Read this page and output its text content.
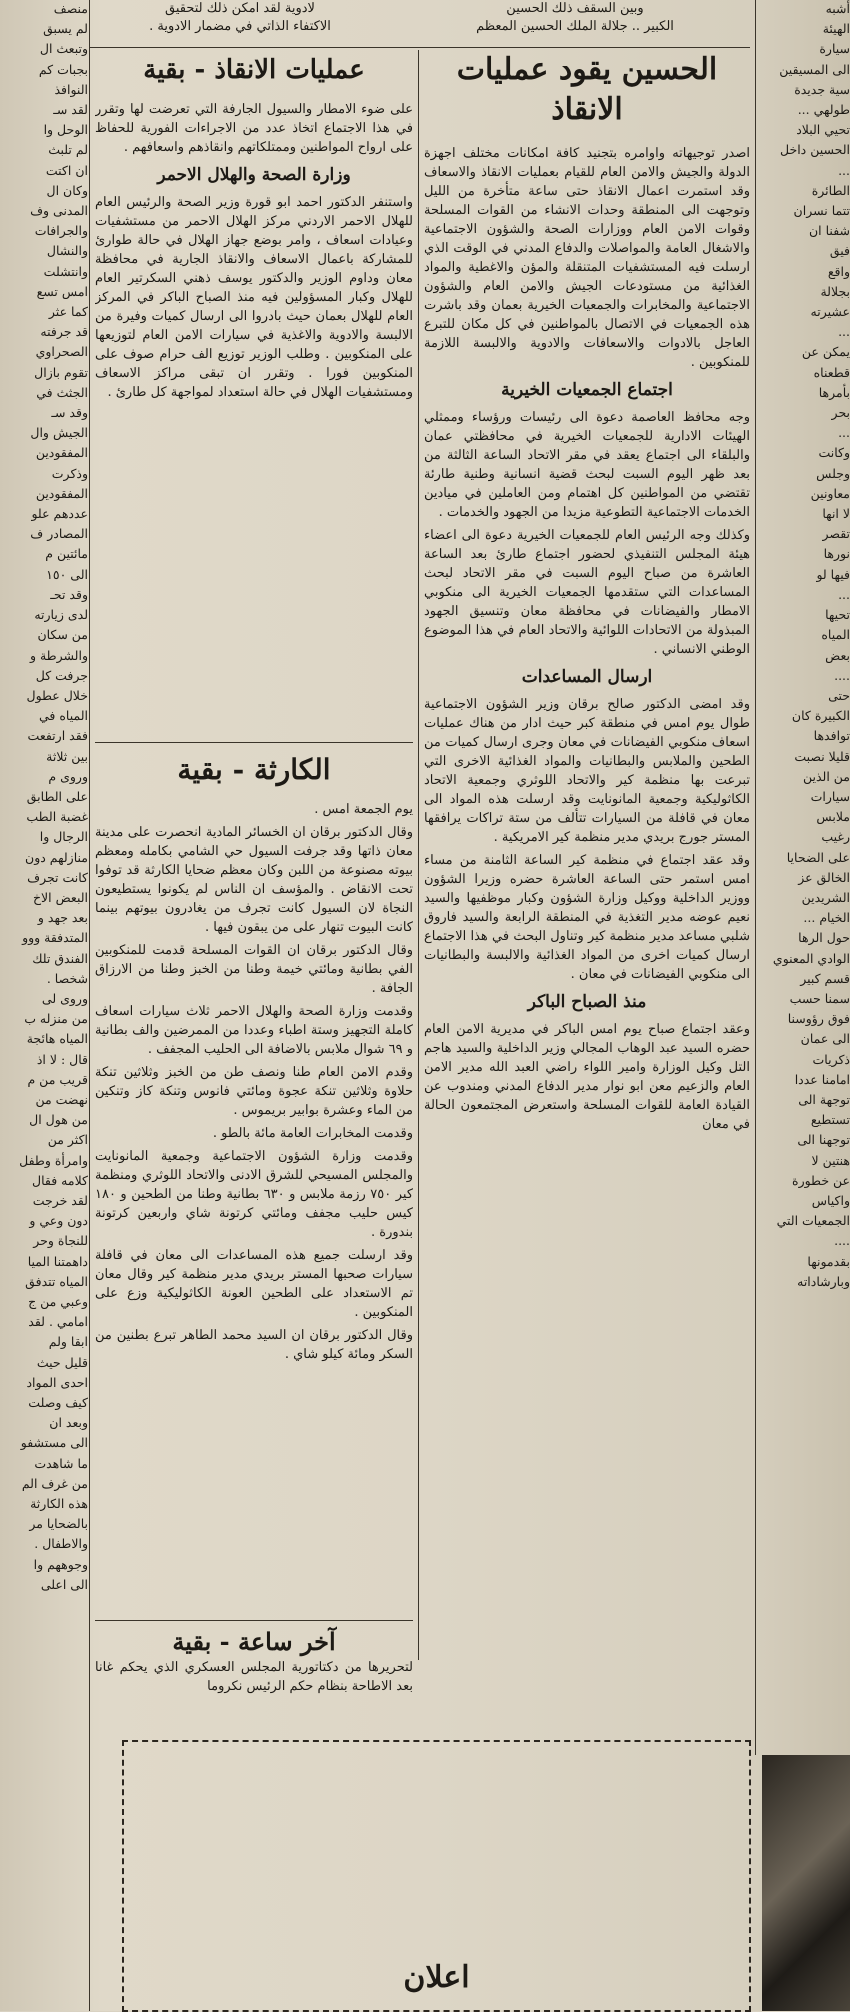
لادوية لقد امكن ذلك لتحقيق
الاكتفاء الذاتي في مضمار الادوية .
وبين السقف ذلك الحسين
الكبير .. جلالة الملك الحسين المعظم

أشبه

الهيئة

سيارة

الى المسيقين

سية جديدة

طولهي ...

تحيي البلاد

الحسين داخل

...

الطائرة

تتما نسران

شفنا ان

فيق

واقع

بجلالة

عشيرته

...

يمكن عن

قطعناه

بأمرها

بحر

...

وكانت

وجلس

معاونين

لا انها

تقصر

نورها

فيها لو

...

تحيها

المياه

بعض

....

حتى

الكبيرة كان

توافدها

قليلا نصبت

من الذين

سيارات

ملابس

رغيب

على الضحايا

الخالق عز

الشريدين

الخيام ...

حول الرها

الوادي المعنوي

قسم كبير

سمنا حسب

فوق رؤوسنا

الى عمان

ذكريات

امامنا عددا

توجهة الى

تستطيع

توجهنا الى

هنتين لا

عن خطورة

واكياس

الجمعيات التي

....

بقدمونها

وبارشاداته

منصف

لم يسبق

وتبعث ال

بجبات كم

النوافذ

لقد سـ

الوحل وا

لم تلبث

ان اكتت

وكان ال

المدنى وف

والجرافات

والنشال

وانتشلت

امس تسع

كما عثر

قد جرفته

الصحراوي

تقوم بازال

الجثث في

وقد سـ

الجيش وال

المفقودين

وذكرت

المفقودين

عددهم علو

المصادر ف

مائتين م

الى ١٥٠

وقد تحـ

لدى زيارته

من سكان

والشرطة و

جرفت كل

خلال عطول

المياه في

فقد ارتفعت

بين ثلاثة

وروى م

على الطابق

غضبة الطب

الرجال وا

منازلهم دون

كانت تجرف

البعض الاخ

بعد جهد و

المتدفقة ووو

الفندق تلك

شخصا .

وروى لى

من منزله ب

المياه هائجة

قال : لا اذ

قريب من م

نهضت من

من هول ال

اكثر من

وامرأة وطفل

كلامه فقال

لقد خرجت

دون وعي و

للنجاة وحر

داهمتنا الميا

المياه تتدفق

وعبي من ج

امامي . لقد

ابقا ولم

قليل حيث

احدى المواد

كيف وصلت

وبعد ان

الى مستشفو

ما شاهدت

من غرف الم

هذه الكارثة

بالضحايا مر

والاطفال .

وجوههم وا

الى اعلى

الحسين يقود عمليات الانقاذ

اصدر توجيهاته واوامره بتجنيد كافة امكانات مختلف اجهزة الدولة والجيش والامن العام للقيام بعمليات الانقاذ والاسعاف وقد استمرت اعمال الانقاذ حتى ساعة متأخرة من الليل وتوجهت الى المنطقة وحدات الانشاء من القوات المسلحة وقوات الامن العام ووزارات الصحة والشؤون الاجتماعية والاشغال العامة والمواصلات والدفاع المدني في الوقت الذي ارسلت فيه المستشفيات المتنقلة والمؤن والاغطية والمواد الغذائية من مستودعات الجيش والامن العام والشؤون الاجتماعية والمخابرات والجمعيات الخيرية بعمان وقد باشرت هذه الجمعيات في الاتصال بالمواطنين في كل مكان للتبرع العاجل بالادوات والاسعافات والادوية والالبسة اللازمة للمنكوبين .

اجتماع الجمعيات الخيرية

وجه محافظ العاصمة دعوة الى رئيسات ورؤساء وممثلي الهيئات الادارية للجمعيات الخيرية في محافظتي عمان والبلقاء الى اجتماع يعقد في مقر الاتحاد الساعة الثالثة من بعد ظهر اليوم السبت لبحث قضية انسانية وطنية طارئة تقتضي من المواطنين كل اهتمام ومن العاملين في ميادين الخدمات الاجتماعية التطوعية مزيدا من الجهود والخدمات .

وكذلك وجه الرئيس العام للجمعيات الخيرية دعوة الى اعضاء هيئة المجلس التنفيذي لحضور اجتماع طارئ بعد الساعة العاشرة من صباح اليوم السبت في مقر الاتحاد لبحث المساعدات التي ستقدمها الجمعيات الخيرية الى منكوبي الامطار والفيضانات في محافظة معان وتنسيق الجهود المبذولة من الاتحادات اللوائية والاتحاد العام في هذا الموضوع الوطني الانساني .

ارسال المساعدات

وقد امضى الدكتور صالح برقان وزير الشؤون الاجتماعية طوال يوم امس في منطقة كبر حيث ادار من هناك عمليات اسعاف منكوبي الفيضانات في معان وجرى ارسال كميات من الطحين والملابس والبطانيات والمواد الغذائية الاخرى التي تبرعت بها منظمة كير والاتحاد اللوثري وجمعية الاتحاد الكاثوليكية وجمعية المانونايت وقد ارسلت هذه المواد الى معان في قافلة من السيارات تتألف من ستة تراكات يرافقها المستر جورج بريدي مدير منظمة كير الامريكية .

وقد عقد اجتماع في منظمة كير الساعة الثامنة من مساء امس استمر حتى الساعة العاشرة حضره وزيرا الشؤون ووزير الداخلية ووكيل وزارة الشؤون وكبار موظفيها والسيد نعيم عوضه مدير التغذية في المنطقة الرابعة والسيد فاروق شلبي مساعد مدير منظمة كير وتناول البحث في هذا الاجتماع ارسال كميات اخرى من المواد الغذائية والالبسة والبطانيات الى منكوبي الفيضانات في معان .

منذ الصباح الباكر

وعقد اجتماع صباح يوم امس الباكر في مديرية الامن العام حضره السيد عبد الوهاب المجالي وزير الداخلية والسيد هاجم التل وكيل الوزارة وامير اللواء راضي العبد الله مدير الامن العام والزعيم معن ابو نوار مدير الدفاع المدني ومندوب عن القيادة العامة للقوات المسلحة واستعرض المجتمعون الحالة في معان

عمليات الانقاذ - بقية

على ضوء الامطار والسيول الجارفة التي تعرضت لها وتقرر في هذا الاجتماع اتخاذ عدد من الاجراءات الفورية للحفاظ على ارواح المواطنين وممتلكاتهم وانقاذهم واسعافهم .

وزارة الصحة والهلال الاحمر

واستنفر الدكتور احمد ابو قورة وزير الصحة والرئيس العام للهلال الاحمر الاردني مركز الهلال الاحمر من مستشفيات وعيادات اسعاف ، وامر بوضع جهاز الهلال في حالة طوارئ للمشاركة باعمال الاسعاف والانقاذ الجارية في محافظة معان وداوم الوزير والدكتور يوسف ذهني السكرتير العام للهلال وكبار المسؤولين فيه منذ الصباح الباكر في المركز العام للهلال بعمان حيث بادروا الى ارسال كميات وفيرة من الالبسة والادوية والاغذية في سيارات الامن العام لتوزيعها على المنكوبين . وطلب الوزير توزيع الف حرام صوف على المنكوبين فورا . وتقرر ان تبقى مراكز الاسعاف ومستشفيات الهلال في حالة استعداد لمواجهة كل طارئ .

الكارثة - بقية

يوم الجمعة امس .

وقال الدكتور برقان ان الخسائر المادية انحصرت على مدينة معان ذاتها وقد جرفت السيول حي الشامي بكامله ومعظم بيوته مصنوعة من اللبن وكان معظم ضحايا الكارثة قد توفوا تحت الانقاض . والمؤسف ان الناس لم يكونوا يستطيعون النجاة لان السيول كانت تجرف من يغادرون بيوتهم بينما كانت البيوت تنهار على من يبقون فيها .

وقال الدكتور برقان ان القوات المسلحة قدمت للمنكوبين الفي بطانية ومائتي خيمة وطنا من الخبز وطنا من الارزاق الجافة .

وقدمت وزارة الصحة والهلال الاحمر ثلاث سيارات اسعاف كاملة التجهيز وستة اطباء وعددا من الممرضين والف بطانية و ٦٩ شوال ملابس بالاضافة الى الحليب المجفف .

وقدم الامن العام طنا ونصف طن من الخبز وثلاثين تنكة حلاوة وثلاثين تنكة عجوة ومائتي فانوس وتنكة كاز وتنكين من الماء وعشرة بوابير بريموس .

وقدمت المخابرات العامة مائة بالطو .

وقدمت وزارة الشؤون الاجتماعية وجمعية المانونايت والمجلس المسيحي للشرق الادنى والاتحاد اللوثري ومنظمة كير ٧٥٠ رزمة ملابس و ٦٣٠ بطانية وطنا من الطحين و ١٨٠ كيس حليب مجفف ومائتي كرتونة شاي واربعين كرتونة بندورة .

وقد ارسلت جميع هذه المساعدات الى معان في قافلة سيارات صحبها المستر بريدي مدير منظمة كير وقال معان تم الاستعداد على الطحين العونة الكاثوليكية وزع على المنكوبين .

وقال الدكتور برقان ان السيد محمد الطاهر تبرع بطنين من السكر ومائة كيلو شاي .

آخر ساعة - بقية

لتحريرها من دكتاتورية المجلس العسكري الذي يحكم غانا بعد الاطاحة بنظام حكم الرئيس نكروما

اعلان
